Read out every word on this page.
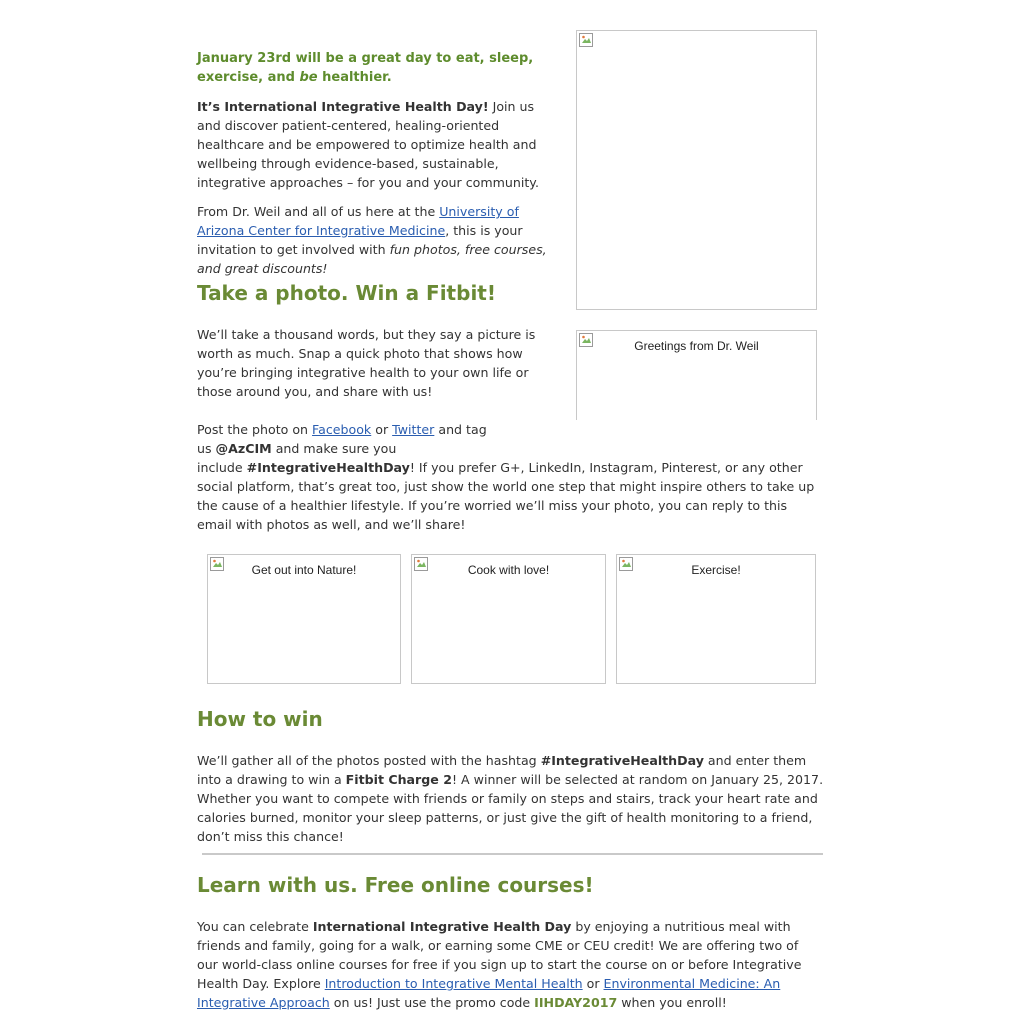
January 23rd will be a great day to eat, sleep, exercise, and be healthier.

It’s International Integrative Health Day! Join us and discover patient-centered, healing-oriented healthcare and be empowered to optimize health and wellbeing through evidence-based, sustainable, integrative approaches – for you and your community.

From Dr. Weil and all of us here at the University of Arizona Center for Integrative Medicine, this is your invitation to get involved with fun photos, free courses, and great discounts!

Take a photo. Win a Fitbit!
Greetings from Dr. Weil

We’ll take a thousand words, but they say a picture is worth as much. Snap a quick photo that shows how you’re bringing integrative health to your own life or those around you, and share with us!

Post the photo on Facebook or Twitter and tag
us @AzCIM and make sure you
include #IntegrativeHealthDay! If you prefer G+, LinkedIn, Instagram, Pinterest, or any other social platform, that’s great too, just show the world one step that might inspire others to take up the cause of a healthier lifestyle. If you’re worried we’ll miss your photo, you can reply to this email with photos as well, and we’ll share!
Get out into Nature!	Cook with love!	Exercise!
How to win

We’ll gather all of the photos posted with the hashtag #IntegrativeHealthDay and enter them into a drawing to win a Fitbit Charge 2! A winner will be selected at random on January 25, 2017. Whether you want to compete with friends or family on steps and stairs, track your heart rate and calories burned, monitor your sleep patterns, or just give the gift of health monitoring to a friend, don’t miss this chance!

Learn with us. Free online courses!

You can celebrate International Integrative Health Day by enjoying a nutritious meal with friends and family, going for a walk, or earning some CME or CEU credit! We are offering two of our world-class online courses for free if you sign up to start the course on or before Integrative Health Day. Explore Introduction to Integrative Mental Health or Environmental Medicine: An Integrative Approach on us! Just use the promo code IIHDAY2017 when you enroll!
